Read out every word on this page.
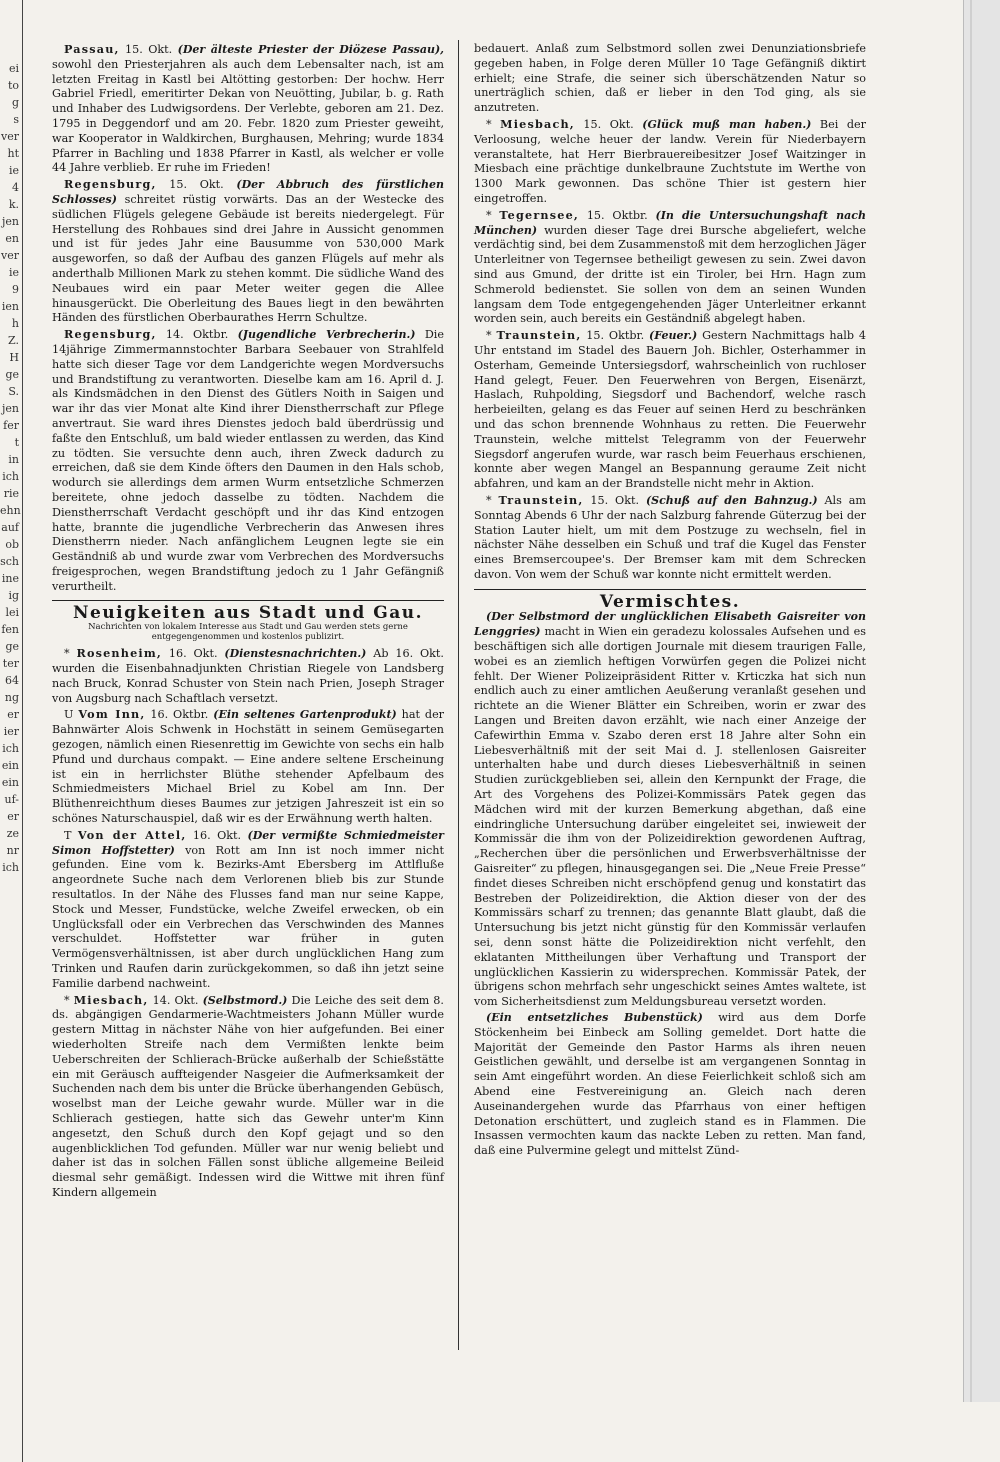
ei
to
g
s
ver
ht
ie
4
k.
jen
en
ver
ie
9
ien
h
Z.
H
ge
S.
jen
fer
t
in
ich
rie
ehn
auf
ob
sch
ine
ig
lei
fen
ge
ter
64
ng
er
ier
ich
ein
ein
uf-
er
ze
nr
ich

Passau, 15. Okt. (Der älteste Priester der Diözese Passau), sowohl den Priesterjahren als auch dem Lebensalter nach, ist am letzten Freitag in Kastl bei Altötting gestorben: Der hochw. Herr Gabriel Friedl, emeritirter Dekan von Neuötting, Jubilar, b. g. Rath und Inhaber des Ludwigsordens. Der Verlebte, geboren am 21. Dez. 1795 in Deggendorf und am 20. Febr. 1820 zum Priester geweiht, war Kooperator in Waldkirchen, Burghausen, Mehring; wurde 1834 Pfarrer in Bachling und 1838 Pfarrer in Kastl, als welcher er volle 44 Jahre verblieb. Er ruhe im Frieden!

Regensburg, 15. Okt. (Der Abbruch des fürstlichen Schlosses) schreitet rüstig vorwärts. Das an der Westecke des südlichen Flügels gelegene Gebäude ist bereits niedergelegt. Für Herstellung des Rohbaues sind drei Jahre in Aussicht genommen und ist für jedes Jahr eine Bausumme von 530,000 Mark ausgeworfen, so daß der Aufbau des ganzen Flügels auf mehr als anderthalb Millionen Mark zu stehen kommt. Die südliche Wand des Neubaues wird ein paar Meter weiter gegen die Allee hinausgerückt. Die Oberleitung des Baues liegt in den bewährten Händen des fürstlichen Oberbaurathes Herrn Schultze.

Regensburg, 14. Oktbr. (Jugendliche Verbrecherin.) Die 14jährige Zimmermannstochter Barbara Seebauer von Strahlfeld hatte sich dieser Tage vor dem Landgerichte wegen Mordversuchs und Brandstiftung zu verantworten. Dieselbe kam am 16. April d. J. als Kindsmädchen in den Dienst des Gütlers Noith in Saigen und war ihr das vier Monat alte Kind ihrer Dienstherrschaft zur Pflege anvertraut. Sie ward ihres Dienstes jedoch bald überdrüssig und faßte den Entschluß, um bald wieder entlassen zu werden, das Kind zu tödten. Sie versuchte denn auch, ihren Zweck dadurch zu erreichen, daß sie dem Kinde öfters den Daumen in den Hals schob, wodurch sie allerdings dem armen Wurm entsetzliche Schmerzen bereitete, ohne jedoch dasselbe zu tödten. Nachdem die Dienstherrschaft Verdacht geschöpft und ihr das Kind entzogen hatte, brannte die jugendliche Verbrecherin das Anwesen ihres Dienstherrn nieder. Nach anfänglichem Leugnen legte sie ein Geständniß ab und wurde zwar vom Verbrechen des Mordversuchs freigesprochen, wegen Brandstiftung jedoch zu 1 Jahr Gefängniß verurtheilt.

Neuigkeiten aus Stadt und Gau.
Nachrichten von lokalem Interesse aus Stadt und Gau werden stets gerne entgegengenommen und kostenlos publizirt.

* Rosenheim, 16. Okt. (Dienstesnachrichten.) Ab 16. Okt. wurden die Eisenbahnadjunkten Christian Riegele von Landsberg nach Bruck, Konrad Schuster von Stein nach Prien, Joseph Strager von Augsburg nach Schaftlach versetzt.

U Vom Inn, 16. Oktbr. (Ein seltenes Gartenprodukt) hat der Bahnwärter Alois Schwenk in Hochstätt in seinem Gemüsegarten gezogen, nämlich einen Riesenrettig im Gewichte von sechs ein halb Pfund und durchaus compakt. — Eine andere seltene Erscheinung ist ein in herrlichster Blüthe stehender Apfelbaum des Schmiedmeisters Michael Briel zu Kobel am Inn. Der Blüthenreichthum dieses Baumes zur jetzigen Jahreszeit ist ein so schönes Naturschauspiel, daß wir es der Erwähnung werth halten.

T Von der Attel, 16. Okt. (Der vermißte Schmiedmeister Simon Hoffstetter) von Rott am Inn ist noch immer nicht gefunden. Eine vom k. Bezirks-Amt Ebersberg im Attlfluße angeordnete Suche nach dem Verlorenen blieb bis zur Stunde resultatlos. In der Nähe des Flusses fand man nur seine Kappe, Stock und Messer, Fundstücke, welche Zweifel erwecken, ob ein Unglücksfall oder ein Verbrechen das Verschwinden des Mannes verschuldet. Hoffstetter war früher in guten Vermögensverhältnissen, ist aber durch unglücklichen Hang zum Trinken und Raufen darin zurückgekommen, so daß ihn jetzt seine Familie darbend nachweint.

* Miesbach, 14. Okt. (Selbstmord.) Die Leiche des seit dem 8. ds. abgängigen Gendarmerie-Wachtmeisters Johann Müller wurde gestern Mittag in nächster Nähe von hier aufgefunden. Bei einer wiederholten Streife nach dem Vermißten lenkte beim Ueberschreiten der Schlierach-Brücke außerhalb der Schießstätte ein mit Geräusch auffteigender Nasgeier die Aufmerksamkeit der Suchenden nach dem bis unter die Brücke überhangenden Gebüsch, woselbst man der Leiche gewahr wurde. Müller war in die Schlierach gestiegen, hatte sich das Gewehr unter'm Kinn angesetzt, den Schuß durch den Kopf gejagt und so den augenblicklichen Tod gefunden. Müller war nur wenig beliebt und daher ist das in solchen Fällen sonst übliche allgemeine Beileid diesmal sehr gemäßigt. Indessen wird die Wittwe mit ihren fünf Kindern allgemein

bedauert. Anlaß zum Selbstmord sollen zwei Denunziationsbriefe gegeben haben, in Folge deren Müller 10 Tage Gefängniß diktirt erhielt; eine Strafe, die seiner sich überschätzenden Natur so unerträglich schien, daß er lieber in den Tod ging, als sie anzutreten.

* Miesbach, 15. Okt. (Glück muß man haben.) Bei der Verloosung, welche heuer der landw. Verein für Niederbayern veranstaltete, hat Herr Bierbrauereibesitzer Josef Waitzinger in Miesbach eine prächtige dunkelbraune Zuchtstute im Werthe von 1300 Mark gewonnen. Das schöne Thier ist gestern hier eingetroffen.

* Tegernsee, 15. Oktbr. (In die Untersuchungshaft nach München) wurden dieser Tage drei Bursche abgeliefert, welche verdächtig sind, bei dem Zusammenstoß mit dem herzoglichen Jäger Unterleitner von Tegernsee betheiligt gewesen zu sein. Zwei davon sind aus Gmund, der dritte ist ein Tiroler, bei Hrn. Hagn zum Schmerold bedienstet. Sie sollen von dem an seinen Wunden langsam dem Tode entgegengehenden Jäger Unterleitner erkannt worden sein, auch bereits ein Geständniß abgelegt haben.

* Traunstein, 15. Oktbr. (Feuer.) Gestern Nachmittags halb 4 Uhr entstand im Stadel des Bauern Joh. Bichler, Osterhammer in Osterham, Gemeinde Untersiegsdorf, wahrscheinlich von ruchloser Hand gelegt, Feuer. Den Feuerwehren von Bergen, Eisenärzt, Haslach, Ruhpolding, Siegsdorf und Bachendorf, welche rasch herbeieilten, gelang es das Feuer auf seinen Herd zu beschränken und das schon brennende Wohnhaus zu retten. Die Feuerwehr Traunstein, welche mittelst Telegramm von der Feuerwehr Siegsdorf angerufen wurde, war rasch beim Feuerhaus erschienen, konnte aber wegen Mangel an Bespannung geraume Zeit nicht abfahren, und kam an der Brandstelle nicht mehr in Aktion.

* Traunstein, 15. Okt. (Schuß auf den Bahnzug.) Als am Sonntag Abends 6 Uhr der nach Salzburg fahrende Güterzug bei der Station Lauter hielt, um mit dem Postzuge zu wechseln, fiel in nächster Nähe desselben ein Schuß und traf die Kugel das Fenster eines Bremsercoupee's. Der Bremser kam mit dem Schrecken davon. Von wem der Schuß war konnte nicht ermittelt werden.

Vermischtes.

(Der Selbstmord der unglücklichen Elisabeth Gaisreiter von Lenggries) macht in Wien ein geradezu kolossales Aufsehen und es beschäftigen sich alle dortigen Journale mit diesem traurigen Falle, wobei es an ziemlich heftigen Vorwürfen gegen die Polizei nicht fehlt. Der Wiener Polizeipräsident Ritter v. Krticzka hat sich nun endlich auch zu einer amtlichen Aeußerung veranlaßt gesehen und richtete an die Wiener Blätter ein Schreiben, worin er zwar des Langen und Breiten davon erzählt, wie nach einer Anzeige der Cafewirthin Emma v. Szabo deren erst 18 Jahre alter Sohn ein Liebesverhältniß mit der seit Mai d. J. stellenlosen Gaisreiter unterhalten habe und durch dieses Liebesverhältniß in seinen Studien zurückgeblieben sei, allein den Kernpunkt der Frage, die Art des Vorgehens des Polizei-Kommissärs Patek gegen das Mädchen wird mit der kurzen Bemerkung abgethan, daß eine eindringliche Untersuchung darüber eingeleitet sei, inwieweit der Kommissär die ihm von der Polizeidirektion gewordenen Auftrag, „Recherchen über die persönlichen und Erwerbsverhältnisse der Gaisreiter“ zu pflegen, hinausgegangen sei. Die „Neue Freie Presse“ findet dieses Schreiben nicht erschöpfend genug und konstatirt das Bestreben der Polizeidirektion, die Aktion dieser von der des Kommissärs scharf zu trennen; das genannte Blatt glaubt, daß die Untersuchung bis jetzt nicht günstig für den Kommissär verlaufen sei, denn sonst hätte die Polizeidirektion nicht verfehlt, den eklatanten Mittheilungen über Verhaftung und Transport der unglücklichen Kassierin zu widersprechen. Kommissär Patek, der übrigens schon mehrfach sehr ungeschickt seines Amtes waltete, ist vom Sicherheitsdienst zum Meldungsbureau versetzt worden.

(Ein entsetzliches Bubenstück) wird aus dem Dorfe Stöckenheim bei Einbeck am Solling gemeldet. Dort hatte die Majorität der Gemeinde den Pastor Harms als ihren neuen Geistlichen gewählt, und derselbe ist am vergangenen Sonntag in sein Amt eingeführt worden. An diese Feierlichkeit schloß sich am Abend eine Festvereinigung an. Gleich nach deren Auseinandergehen wurde das Pfarrhaus von einer heftigen Detonation erschüttert, und zugleich stand es in Flammen. Die Insassen vermochten kaum das nackte Leben zu retten. Man fand, daß eine Pulvermine gelegt und mittelst Zünd-
